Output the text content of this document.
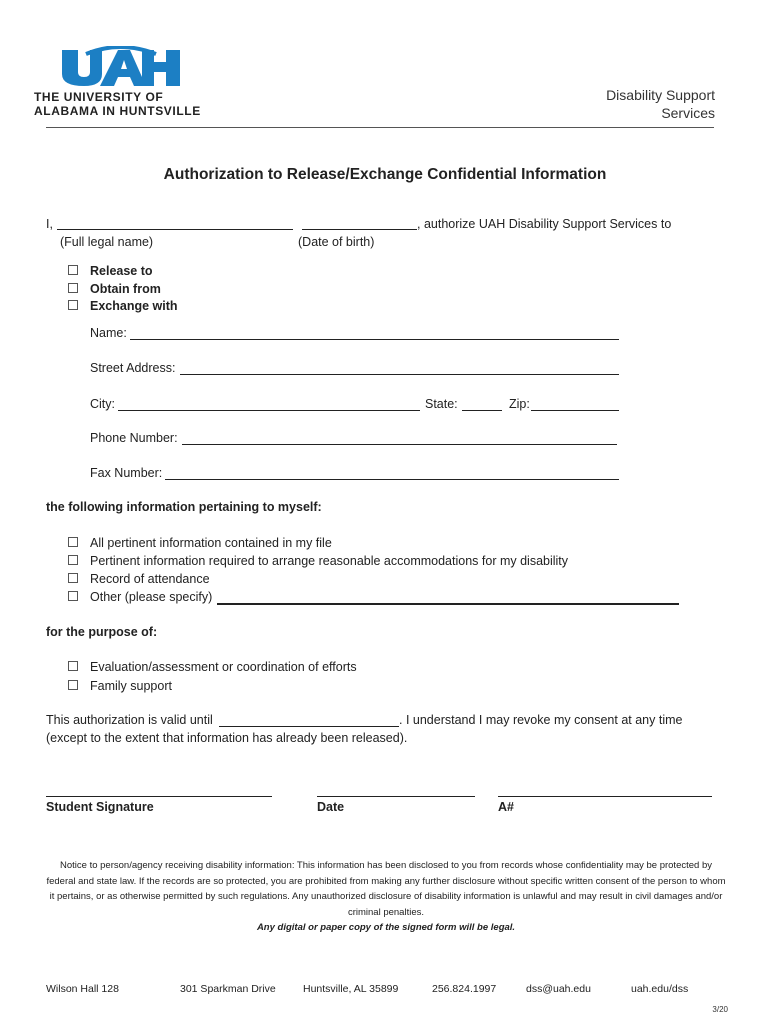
THE UNIVERSITY OF
ALABAMA IN HUNTSVILLE
Disability Support
Services
Authorization to Release/Exchange Confidential Information
I,	, authorize UAH Disability Support Services to
(Full legal name)	(Date of birth)
Release to
Obtain from
Exchange with
Name:
Street Address:
City:	State:	Zip:
Phone Number:
Fax Number:
the following information pertaining to myself:
All pertinent information contained in my file
Pertinent information required to arrange reasonable accommodations for my disability
Record of attendance
Other (please specify)
for the purpose of:
Evaluation/assessment or coordination of efforts
Family support
This authorization is valid until	. I understand I may revoke my consent at any time
(except to the extent that information has already been released).
Student Signature	Date	A#
Notice to person/agency receiving disability information: This information has been disclosed to you from records whose confidentiality may be protected by federal and state law. If the records are so protected, you are prohibited from making any further disclosure without specific written consent of the person to whom it pertains, or as otherwise permitted by such regulations. Any unauthorized disclosure of disability information is unlawful and may result in civil damages and/or criminal penalties.
Any digital or paper copy of the signed form will be legal.
Wilson Hall 128	301 Sparkman Drive	Huntsville, AL 35899	256.824.1997	dss@uah.edu	uah.edu/dss
3/20
